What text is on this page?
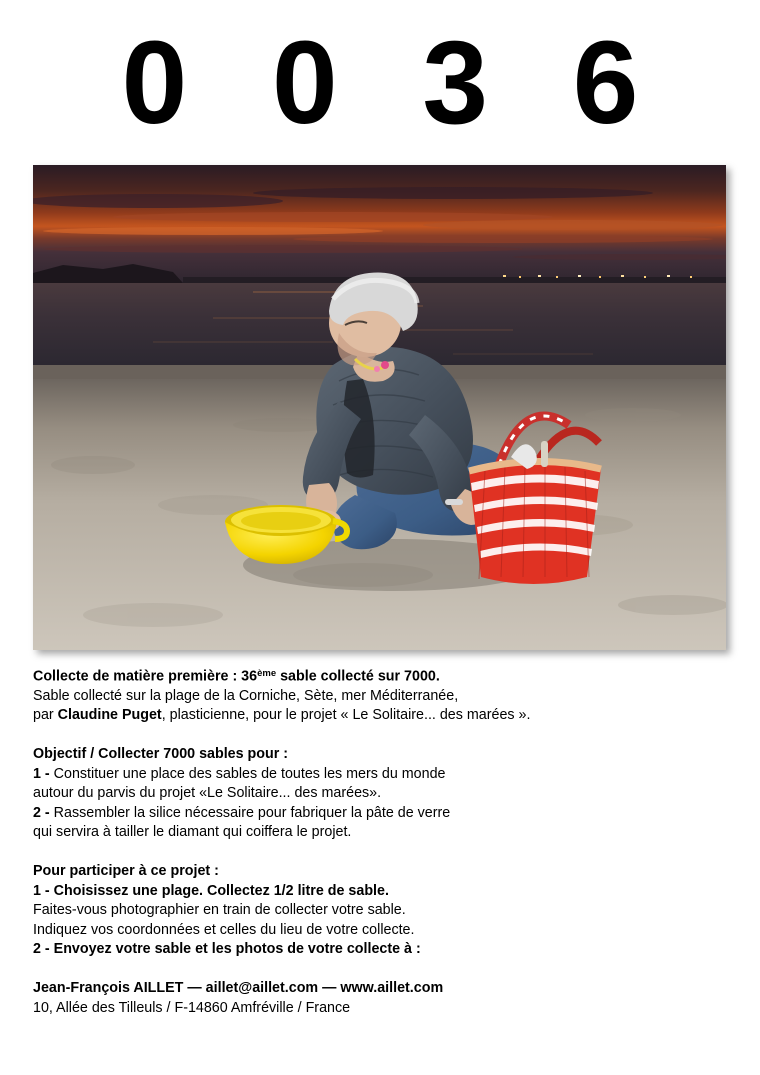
0 0 3 6

Collecte de matière première : 36ème sable collecté sur 7000.

Sable collecté sur la plage de la Corniche, Sète, mer Méditerranée,

par Claudine Puget, plasticienne, pour le projet « Le Solitaire... des marées ».

Objectif / Collecter 7000 sables pour :

1 - Constituer une place des sables de toutes les mers du monde

autour du parvis du projet «Le Solitaire... des marées».

2 - Rassembler la silice nécessaire pour fabriquer la pâte de verre

qui servira à tailler le diamant qui coiffera le projet.

Pour participer à ce projet :

1 - Choisissez une plage. Collectez 1/2 litre de sable.

Faites-vous photographier en train de collecter votre sable.

Indiquez vos coordonnées et celles du lieu de votre collecte.

2 - Envoyez votre sable et les photos de votre collecte à :

Jean-François AILLET — aillet@aillet.com — www.aillet.com

10, Allée des Tilleuls / F-14860 Amfréville / France
